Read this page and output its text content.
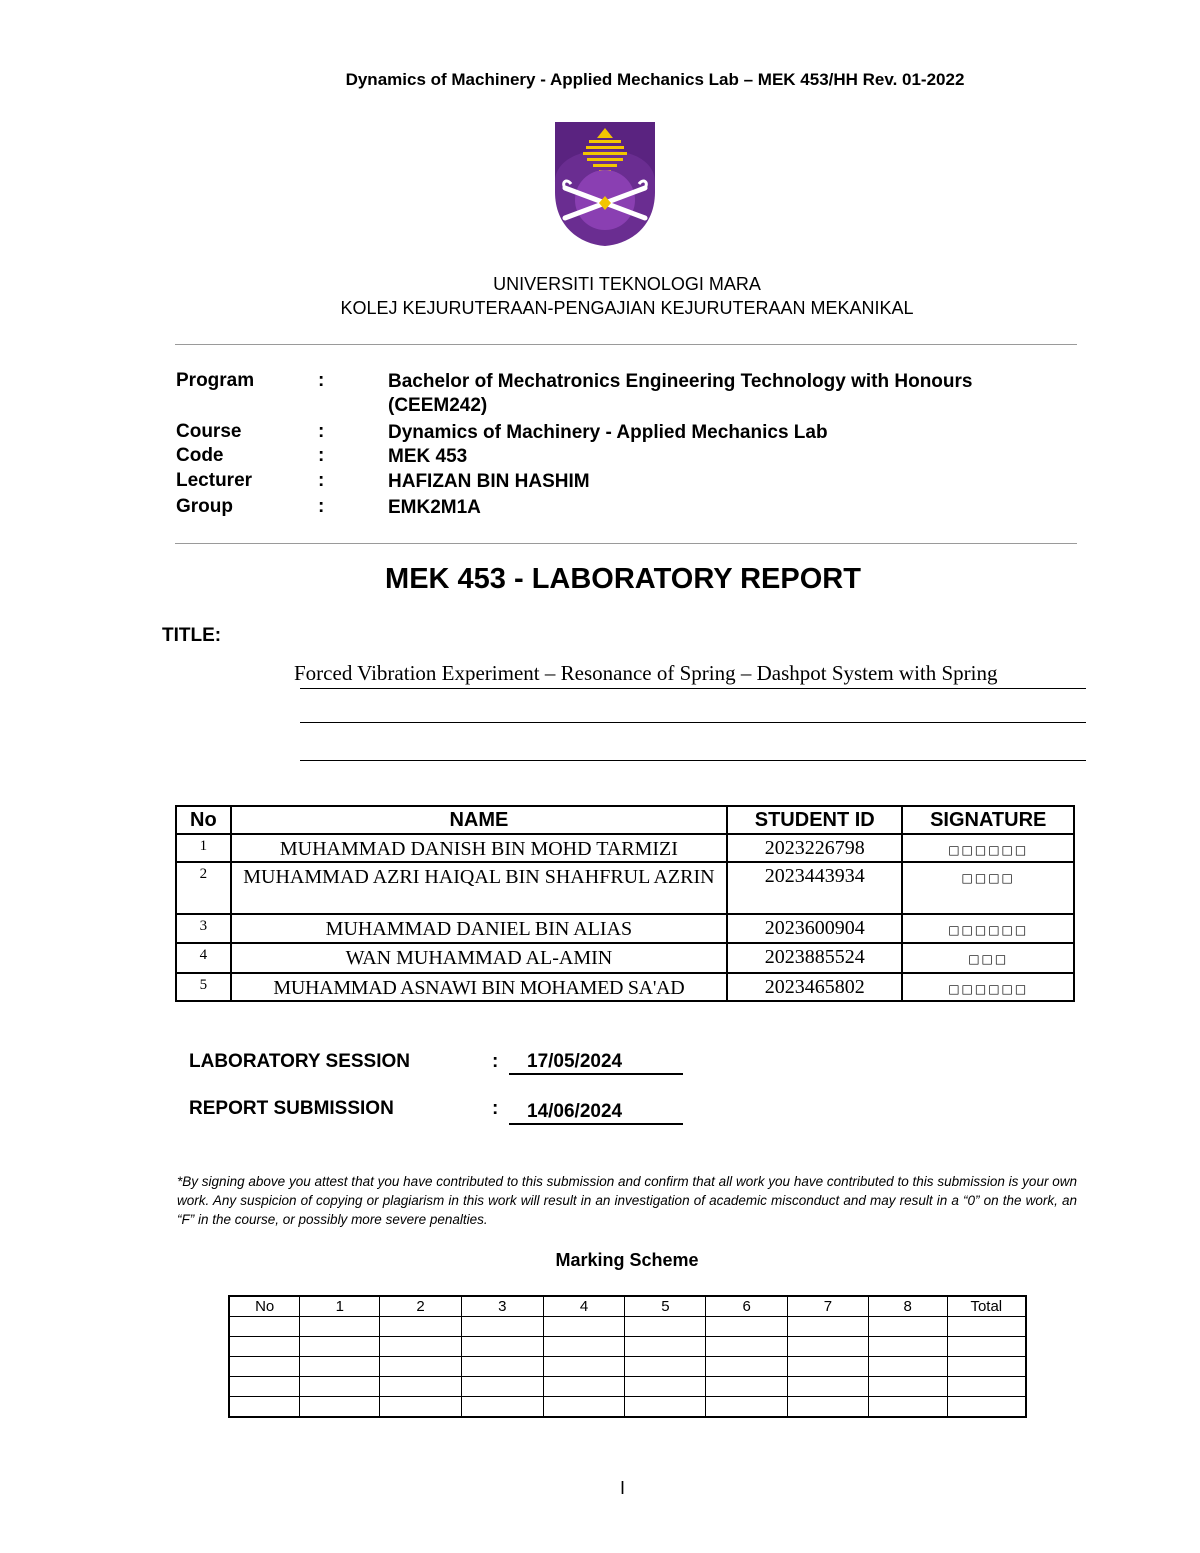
Dynamics of Machinery - Applied Mechanics Lab – MEK 453/HH Rev. 01-2022
UNIVERSITI TEKNOLOGI MARA
KOLEJ KEJURUTERAAN-PENGAJIAN KEJURUTERAAN MEKANIKAL
Program	:	Bachelor of Mechatronics Engineering Technology with Honours (CEEM242)
Course	:	Dynamics of Machinery - Applied Mechanics Lab
Code	:	MEK 453
Lecturer	:	HAFIZAN BIN HASHIM
Group	:	EMK2M1A
MEK 453 - LABORATORY REPORT
TITLE:
Forced Vibration Experiment – Resonance of Spring – Dashpot System with Spring
No	NAME	STUDENT ID	SIGNATURE
1	MUHAMMAD DANISH BIN MOHD TARMIZI	2023226798	□□□□□□
2	MUHAMMAD AZRI HAIQAL BIN SHAHFRUL AZRIN	2023443934	□□□□
3	MUHAMMAD DANIEL BIN ALIAS	2023600904	□□□□□□
4	WAN MUHAMMAD AL-AMIN	2023885524	□□□
5	MUHAMMAD ASNAWI BIN MOHAMED SA'AD	2023465802	□□□□□□
LABORATORY SESSION	:	17/05/2024
REPORT SUBMISSION	:	14/06/2024
*By signing above you attest that you have contributed to this submission and confirm that all work you have contributed to this submission is your own work. Any suspicion of copying or plagiarism in this work will result in an investigation of academic misconduct and may result in a “0” on the work, an “F” in the course, or possibly more severe penalties.
Marking Scheme
No	1	2	3	4	5	6	7	8	Total

I
